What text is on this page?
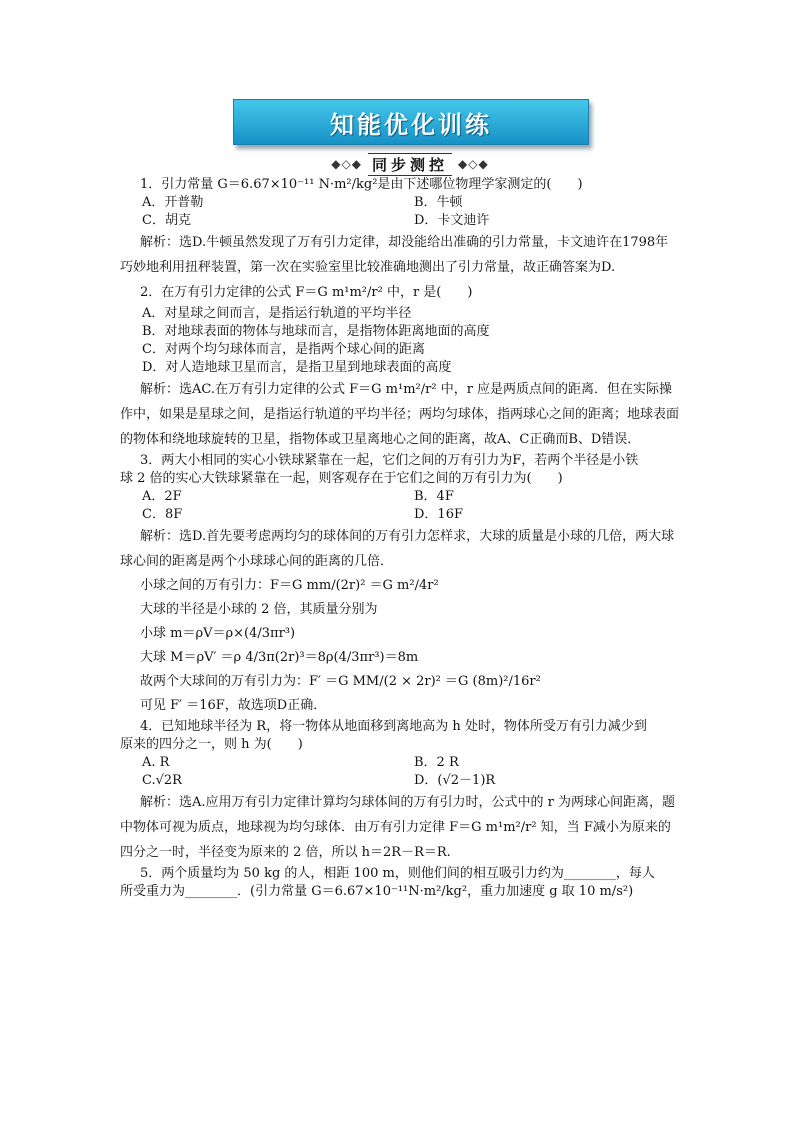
知能优化训练
◆◇◆ 同步测控 ◆◇◆
1．引力常量 G＝6.67×10⁻¹¹ N·m²/kg²是由下述哪位物理学家测定的(　　)
A．开普勒	B．牛顿
C．胡克	D．卡文迪许

解析：选D.牛顿虽然发现了万有引力定律，却没能给出准确的引力常量，卡文迪许在1798年巧妙地利用扭秤装置，第一次在实验室里比较准确地测出了引力常量，故正确答案为D.

2．在万有引力定律的公式 F＝G m¹m²/r² 中，r 是(　　)
A．对星球之间而言，是指运行轨道的平均半径
B．对地球表面的物体与地球而言，是指物体距离地面的高度
C．对两个均匀球体而言，是指两个球心间的距离
D．对人造地球卫星而言，是指卫星到地球表面的高度

解析：选AC.在万有引力定律的公式 F＝G m¹m²/r² 中，r 应是两质点间的距离．但在实际操作中，如果是星球之间，是指运行轨道的平均半径；两均匀球体，指两球心之间的距离；地球表面的物体和绕地球旋转的卫星，指物体或卫星离地心之间的距离，故A、C正确而B、D错误．

3．两大小相同的实心小铁球紧靠在一起，它们之间的万有引力为F，若两个半径是小铁
球 2 倍的实心大铁球紧靠在一起，则客观存在于它们之间的万有引力为(　　)
A．2F	B．4F
C．8F	D．16F

解析：选D.首先要考虑两均匀的球体间的万有引力怎样求，大球的质量是小球的几倍，两大球球心间的距离是两个小球球心间的距离的几倍．

小球之间的万有引力：F＝G mm/(2r)² ＝G m²/4r²
大球的半径是小球的 2 倍，其质量分别为
小球 m＝ρV＝ρ×(4/3πr³)
大球 M＝ρV′ ＝ρ 4/3π(2r)³＝8ρ(4/3πr³)＝8m
故两个大球间的万有引力为：F′ ＝G MM/(2 × 2r)² ＝G (8m)²/16r²
可见 F′ ＝16F，故选项D正确．
4．已知地球半径为 R，将一物体从地面移到离地高为 h 处时，物体所受万有引力减少到
原来的四分之一，则 h 为(　　)
A. R	B．2 R
C.√2R	D．(√2－1)R

解析：选A.应用万有引力定律计算均匀球体间的万有引力时，公式中的 r 为两球心间距离，题中物体可视为质点，地球视为均匀球体．由万有引力定律 F＝G m¹m²/r² 知，当 F减小为原来的四分之一时，半径变为原来的 2 倍，所以 h＝2R－R＝R.

5．两个质量均为 50 kg 的人，相距 100 m，则他们间的相互吸引力约为________，每人
所受重力为________．(引力常量 G＝6.67×10⁻¹¹N·m²/kg²，重力加速度 g 取 10 m/s²)
